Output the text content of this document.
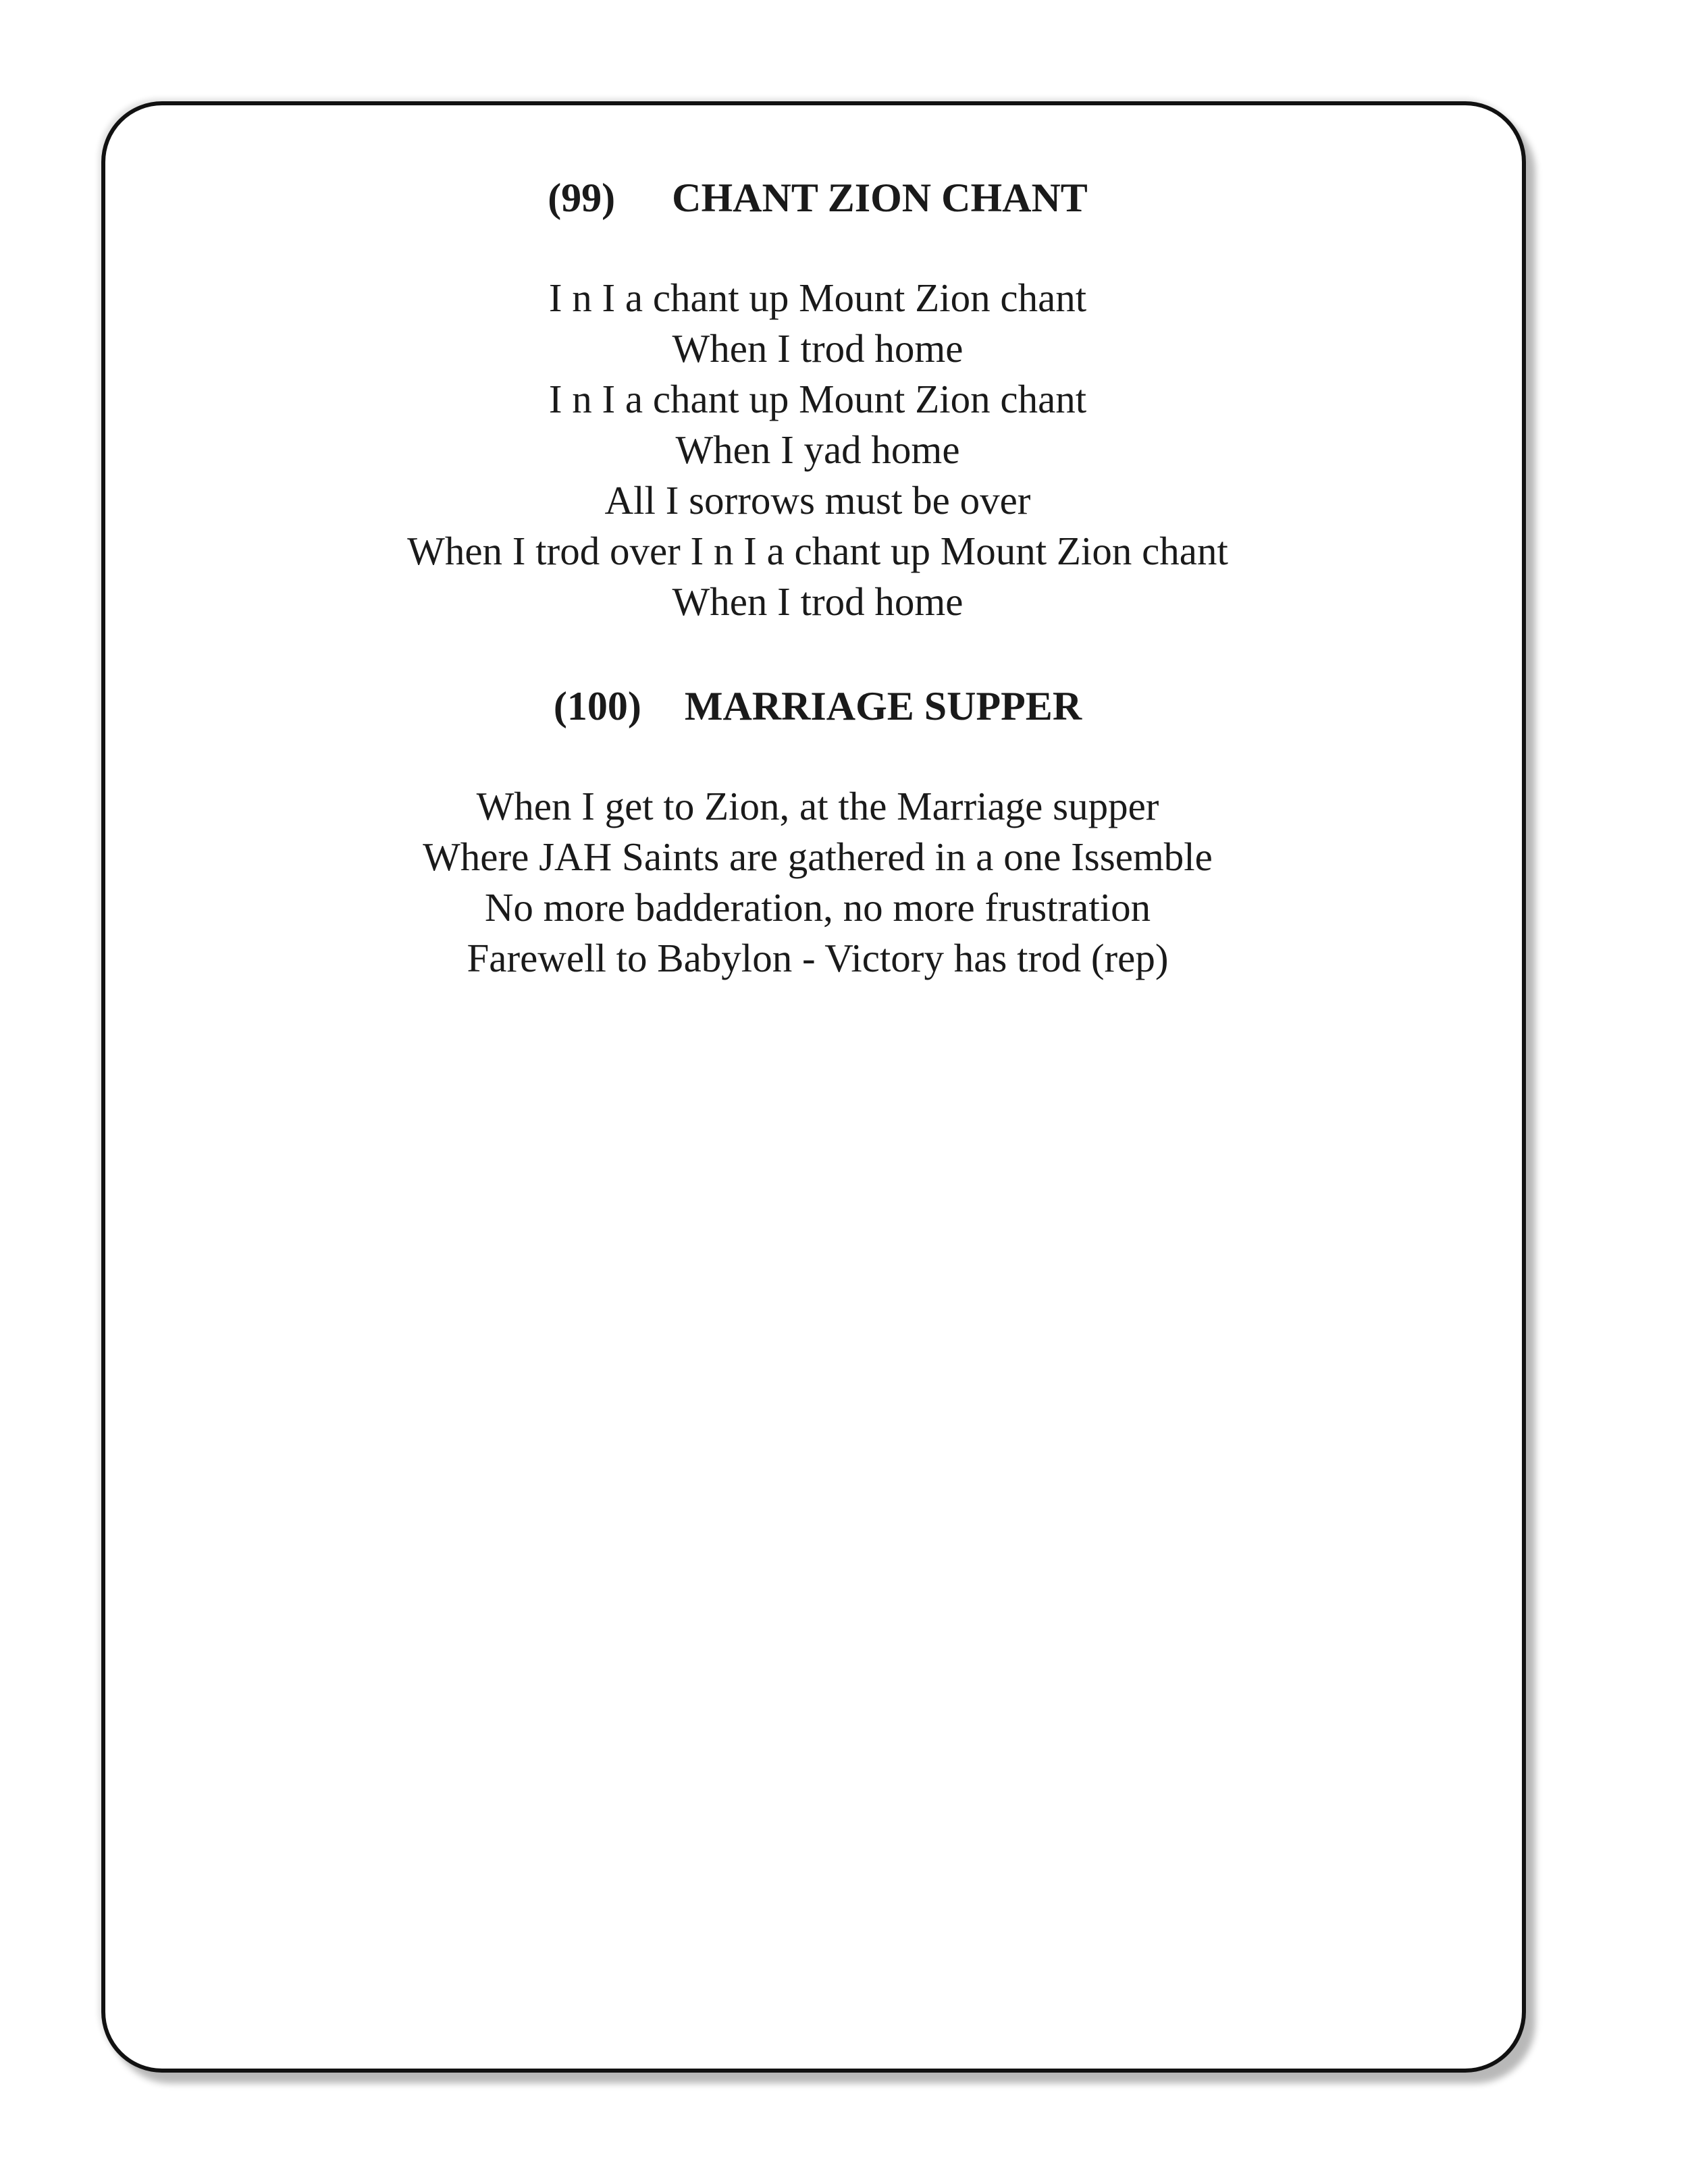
(99) CHANT ZION CHANT
I n I a chant up Mount Zion chant
When I trod home
I n I a chant up Mount Zion chant
When I yad home
All I sorrows must be over
When I trod over I n I a chant up Mount Zion chant
When I trod home
(100) MARRIAGE SUPPER
When I get to Zion, at the Marriage supper
Where JAH Saints are gathered in a one Issemble
No more badderation, no more frustration
Farewell to Babylon - Victory has trod (rep)
